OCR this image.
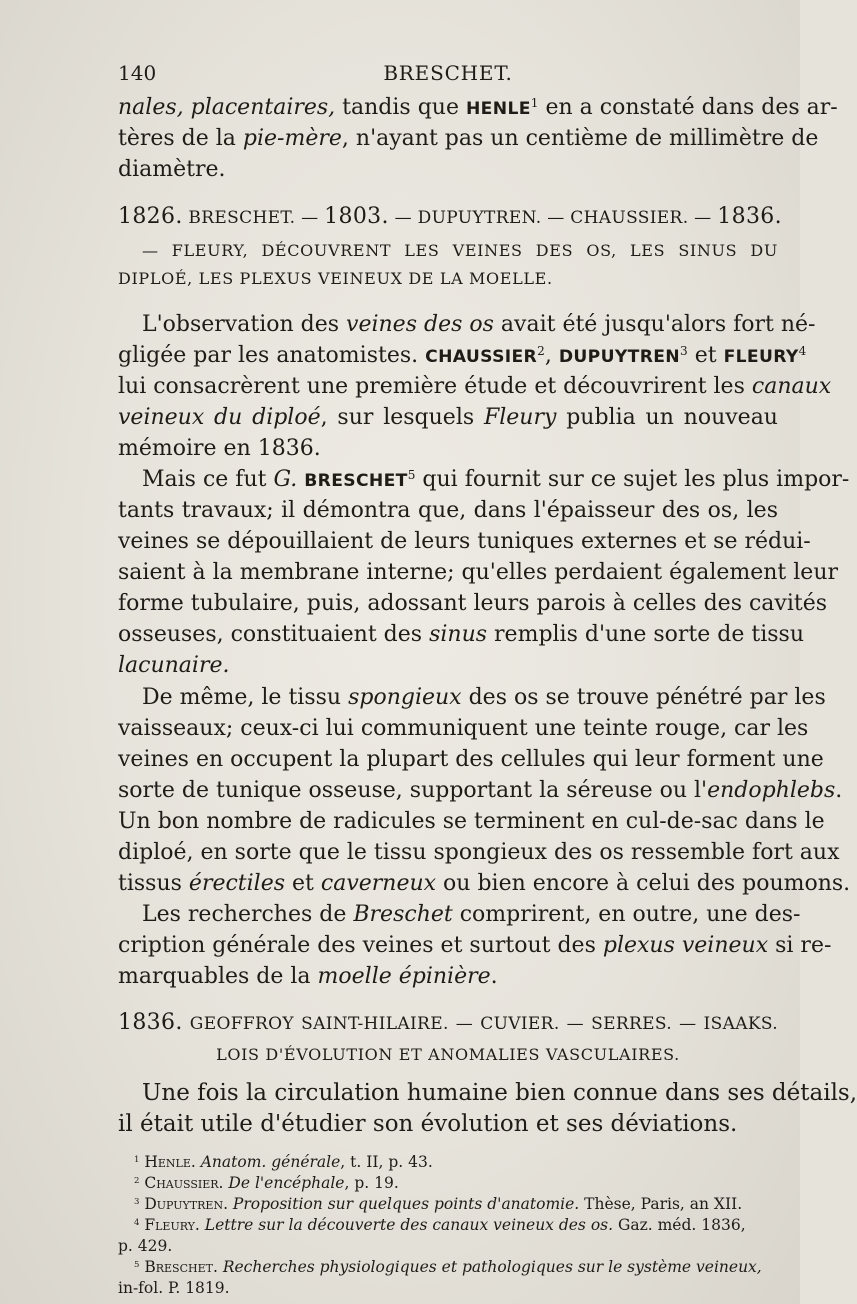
140	BRESCHET.
nales, placentaires, tandis que HENLE$^1$ en a constaté dans des ar-
tères de la pie-mère, n'ayant pas un centième de millimètre de
diamètre.
1826. BRESCHET. — 1803. — DUPUYTREN. — CHAUSSIER. — 1836.
— FLEURY, DÉCOUVRENT LES VEINES DES OS, LES SINUS DU
DIPLOÉ, LES PLEXUS VEINEUX DE LA MOELLE.
L'observation des veines des os avait été jusqu'alors fort né-
gligée par les anatomistes. CHAUSSIER$^2$, DUPUYTREN$^3$ et FLEURY$^4$
lui consacrèrent une première étude et découvrirent les canaux
veineux du diploé, sur lesquels Fleury publia un nouveau
mémoire en 1836.
Mais ce fut G. BRESCHET$^5$ qui fournit sur ce sujet les plus impor-
tants travaux; il démontra que, dans l'épaisseur des os, les
veines se dépouillaient de leurs tuniques externes et se rédui-
saient à la membrane interne; qu'elles perdaient également leur
forme tubulaire, puis, adossant leurs parois à celles des cavités
osseuses, constituaient des sinus remplis d'une sorte de tissu
lacunaire.
De même, le tissu spongieux des os se trouve pénétré par les
vaisseaux; ceux-ci lui communiquent une teinte rouge, car les
veines en occupent la plupart des cellules qui leur forment une
sorte de tunique osseuse, supportant la séreuse ou l'endophlebs.
Un bon nombre de radicules se terminent en cul-de-sac dans le
diploé, en sorte que le tissu spongieux des os ressemble fort aux
tissus érectiles et caverneux ou bien encore à celui des poumons.
Les recherches de Breschet comprirent, en outre, une des-
cription générale des veines et surtout des plexus veineux si re-
marquables de la moelle épinière.
1836. GEOFFROY SAINT-HILAIRE. — CUVIER. — SERRES. — ISAAKS.
LOIS D'ÉVOLUTION ET ANOMALIES VASCULAIRES.
Une fois la circulation humaine bien connue dans ses détails,
il était utile d'étudier son évolution et ses déviations.
$^1$ Henle. Anatom. générale, t. II, p. 43.
$^2$ Chaussier. De l'encéphale, p. 19.
$^3$ Dupuytren. Proposition sur quelques points d'anatomie. Thèse, Paris, an XII.
$^4$ Fleury. Lettre sur la découverte des canaux veineux des os. Gaz. méd. 1836,
p. 429.
$^5$ Breschet. Recherches physiologiques et pathologiques sur le système veineux,
in-fol. P. 1819.
